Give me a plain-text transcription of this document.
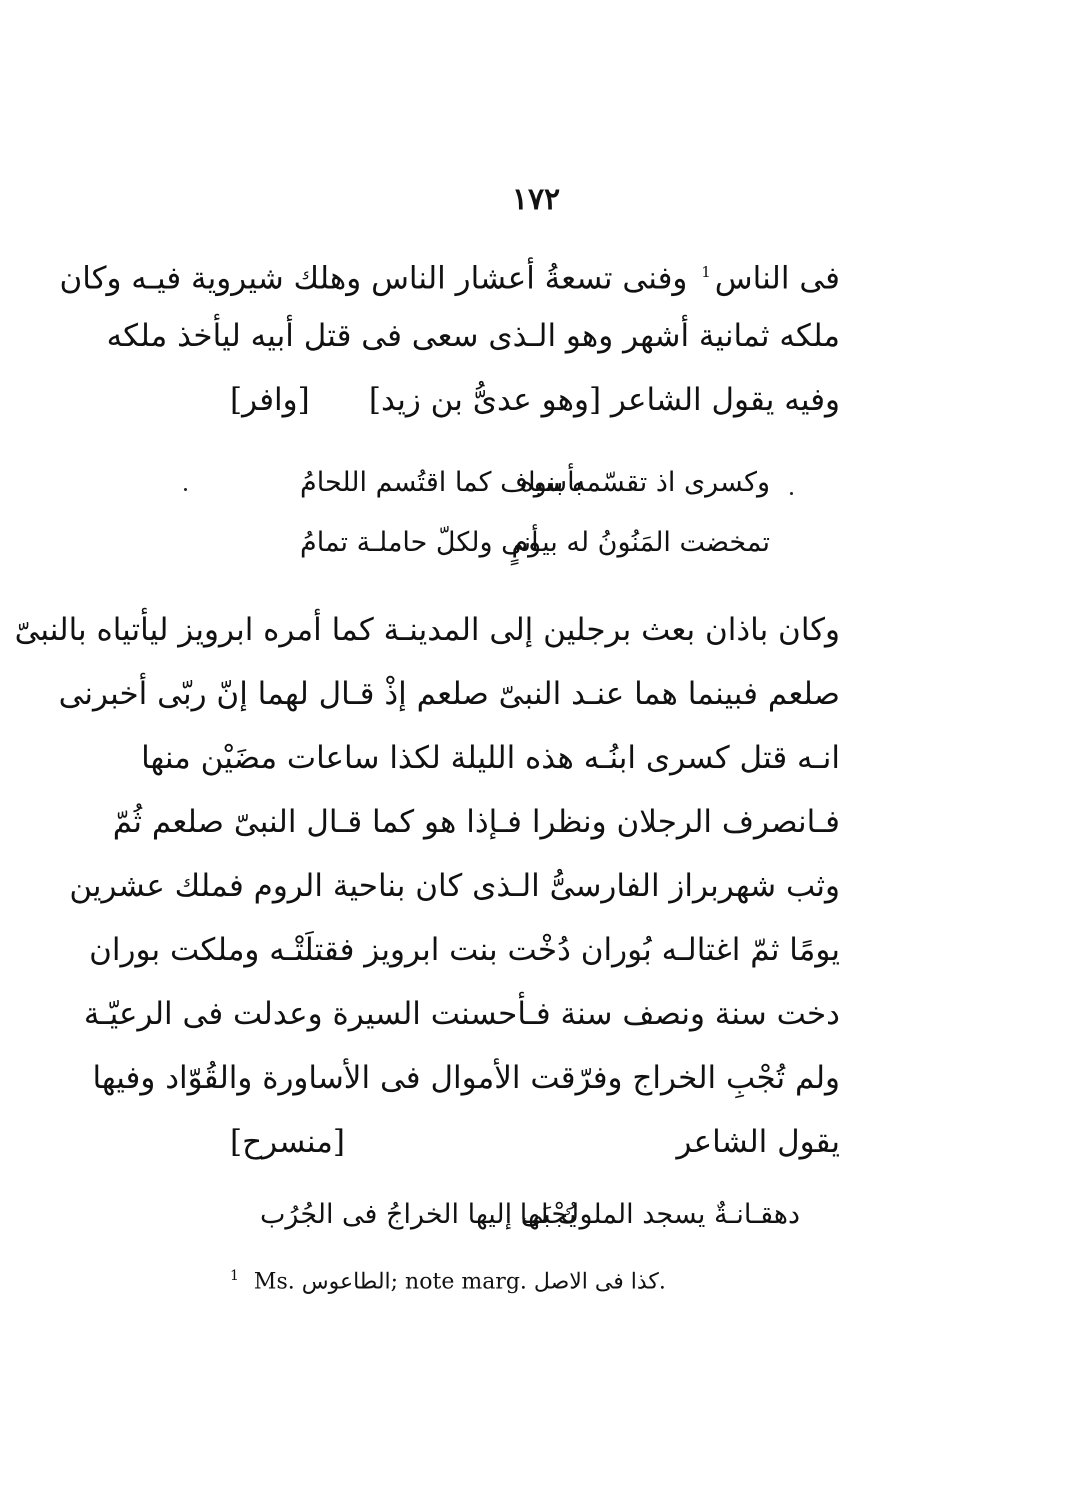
١٧٢
فى الناس$^1$ وفنى تسعةُ أعشار الناس وهلك شيروية فيـه وكان
ملكه ثمانية أشهر وهو الـذى سعى فى قتل أبيه ليأخذ ملكه
وفيه يقول الشاعر [وهو عدىُّ بن زيد]
[وافر]
وكسرى اذ تقسّمه بنوه
بأسياف كما اقتُسم اللحامُ
تمخضت المَنُونُ له بيومٍ
أنى ولكلّ حاملـة تمامُ
وكان باذان بعث برجلين إلى المدينـة كما أمره ابرويز ليأتياه بالنبىّ
صلعم فبينما هما عنـد النبىّ صلعم إذْ قـال لهما إنّ ربّى أخبرنى
انـه قتل كسرى ابنُـه هذه الليلة لكذا ساعات مضَيْن منها
فـانصرف الرجلان ونظرا فـإذا هو كما قـال النبىّ صلعم ثُمّ
وثب شهربراز الفارسىُّ الـذى كان بناحية الروم فملك عشرين
يومًا ثمّ اغتالـه بُوران دُخْت بنت ابرويز فقتلَتْـه وملكت بوران
دخت سنة ونصف سنة فـأحسنت السيرة وعدلت فى الرعيّـة
ولم تُجْبِ الخراج وفرّقت الأموال فى الأساورة والقُوّاد وفيها
يقول الشاعر
[منسرح]
دهقـانـةٌ يسجد الملوك لها
يُجْبَى إليها الخراجُ فى الجُرُب
$^1$ Ms. الطاعوس; note marg. كذا فى الاصل.
